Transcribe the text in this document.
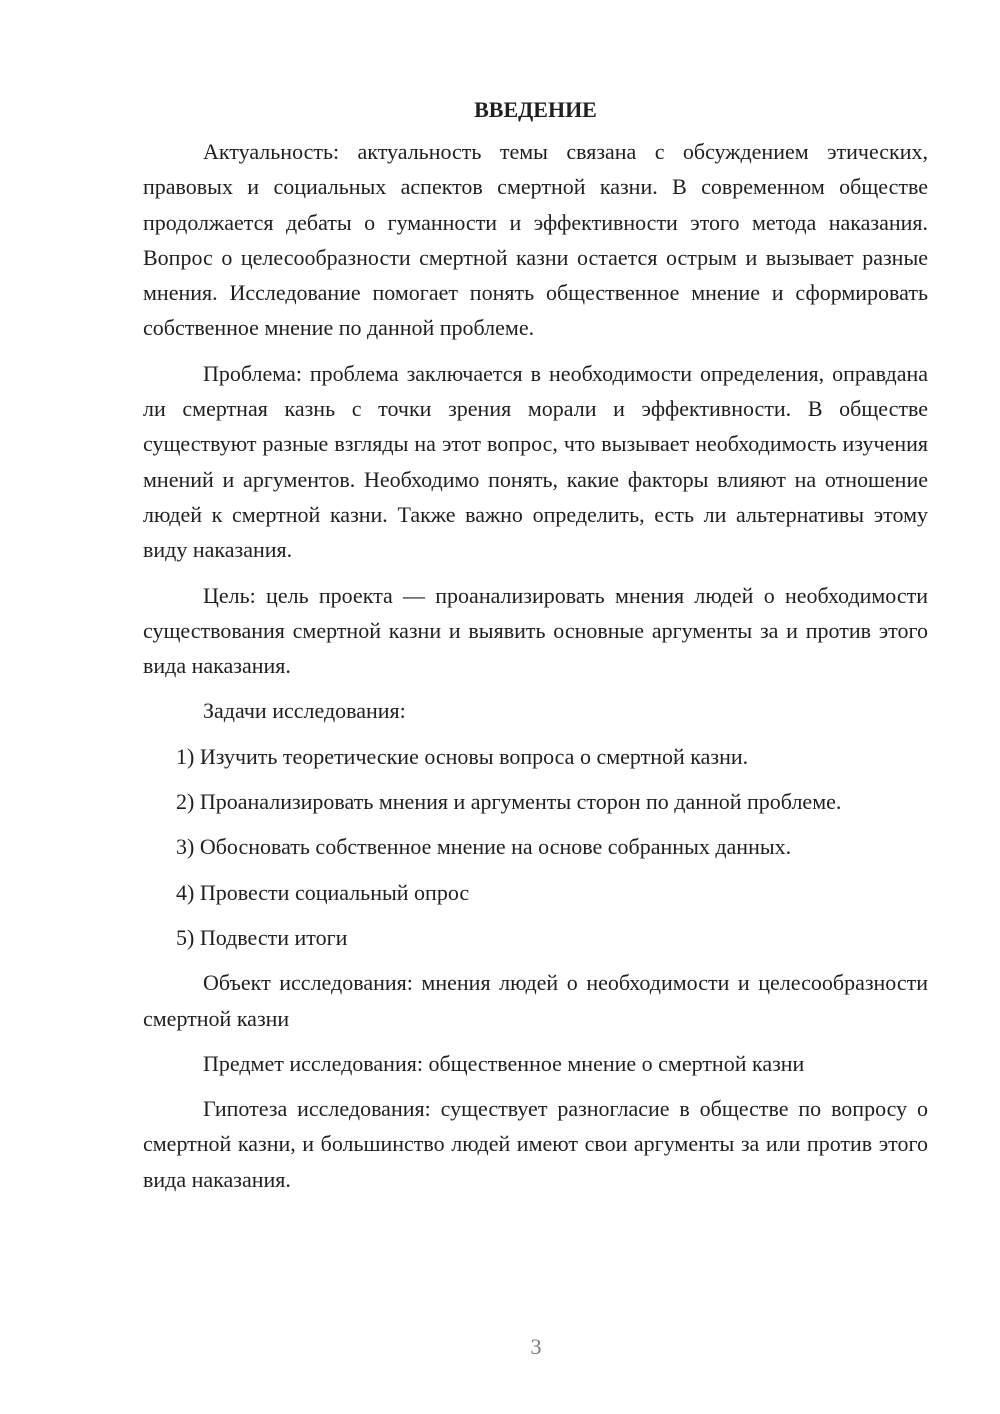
ВВЕДЕНИЕ

Актуальность: актуальность темы связана с обсуждением этических, правовых и социальных аспектов смертной казни. В современном обществе продолжается дебаты о гуманности и эффективности этого метода наказания. Вопрос о целесообразности смертной казни остается острым и вызывает разные мнения. Исследование помогает понять общественное мнение и сформировать собственное мнение по данной проблеме.

Проблема: проблема заключается в необходимости определения, оправдана ли смертная казнь с точки зрения морали и эффективности. В обществе существуют разные взгляды на этот вопрос, что вызывает необходимость изучения мнений и аргументов. Необходимо понять, какие факторы влияют на отношение людей к смертной казни. Также важно определить, есть ли альтернативы этому виду наказания.

Цель: цель проекта — проанализировать мнения людей о необходимости существования смертной казни и выявить основные аргументы за и против этого вида наказания.

Задачи исследования:

1) Изучить теоретические основы вопроса о смертной казни.

2) Проанализировать мнения и аргументы сторон по данной проблеме.

3) Обосновать собственное мнение на основе собранных данных.

4) Провести социальный опрос

5) Подвести итоги

Объект исследования: мнения людей о необходимости и целесообразности смертной казни

Предмет исследования: общественное мнение о смертной казни

Гипотеза исследования: существует разногласие в обществе по вопросу о смертной казни, и большинство людей имеют свои аргументы за или против этого вида наказания.

3
